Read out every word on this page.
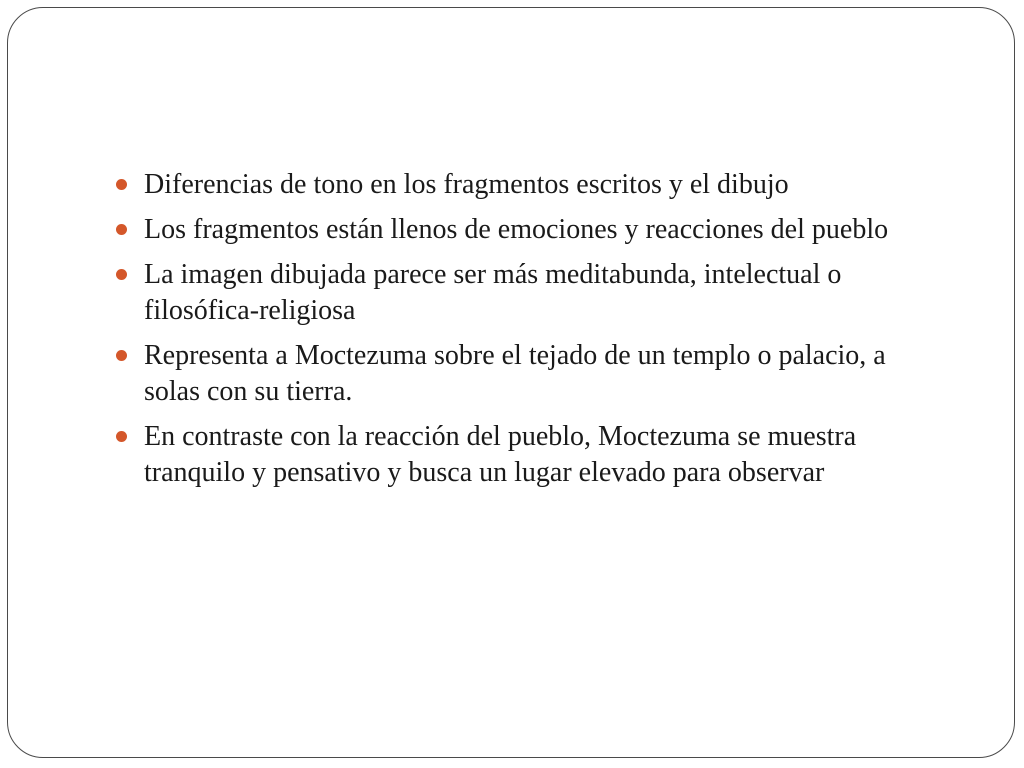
Diferencias de tono en los fragmentos escritos y el dibujo
Los fragmentos están llenos de emociones y reacciones del pueblo
La imagen dibujada parece ser más meditabunda, intelectual o filosófica-religiosa
Representa a Moctezuma sobre el tejado de un templo o palacio, a solas con su tierra.
En contraste con la reacción del pueblo, Moctezuma se muestra tranquilo y pensativo y busca un lugar elevado para observar
